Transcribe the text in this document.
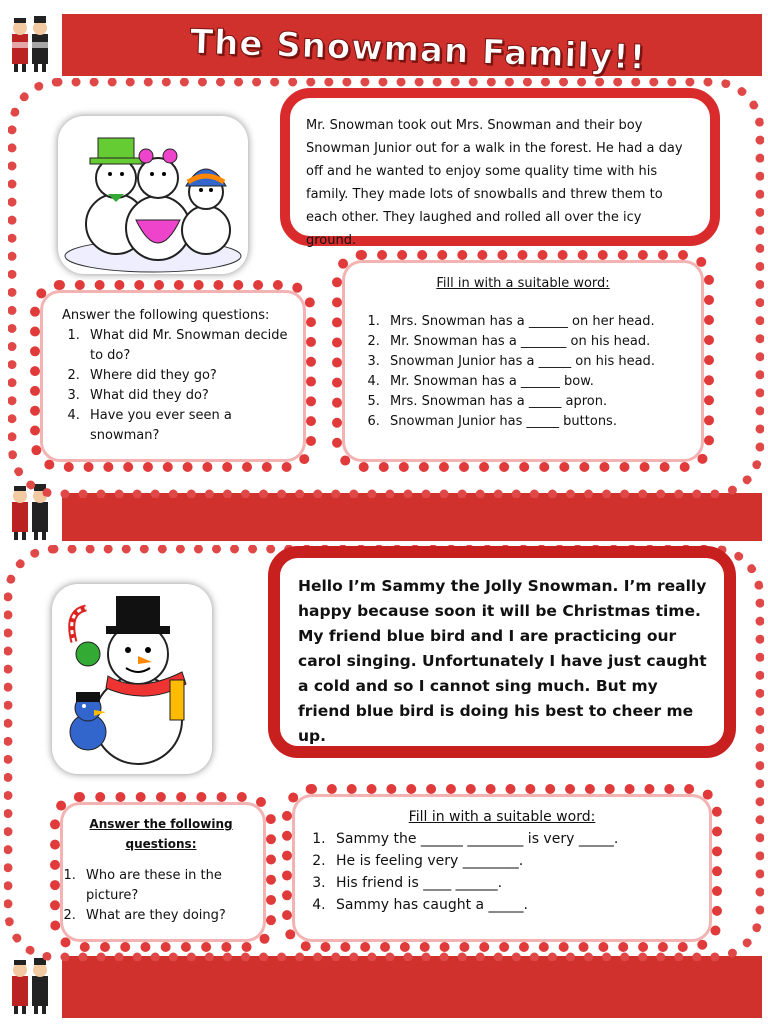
The Snowman Family!!
Mr. Snowman took out Mrs. Snowman and their boy Snowman Junior out for a walk in the forest. He had a day off and he wanted to enjoy some quality time with his family. They made lots of snowballs and threw them to each other. They laughed and rolled all over the icy ground.
Answer the following questions:
1. What did Mr. Snowman decide to do?
2. Where did they go?
3. What did they do?
4. Have you ever seen a snowman?
Fill in with a suitable word:
1. Mrs. Snowman has a ______ on her head.
2. Mr. Snowman has a _______ on his head.
3. Snowman Junior has a _____ on his head.
4. Mr. Snowman has a ______ bow.
5. Mrs. Snowman has a _____ apron.
6. Snowman Junior has _____ buttons.
Hello I’m Sammy the Jolly Snowman. I’m really happy because soon it will be Christmas time. My friend blue bird and I are practicing our carol singing. Unfortunately I have just caught a cold and so I cannot sing much. But my friend blue bird is doing his best to cheer me up.
Answer the following questions:
1. Who are these in the picture?
2. What are they doing?
Fill in with a suitable word:
1. Sammy the ______ ________ is very _____.
2. He is feeling very ________.
3. His friend is ____ ______.
4. Sammy has caught a _____.
